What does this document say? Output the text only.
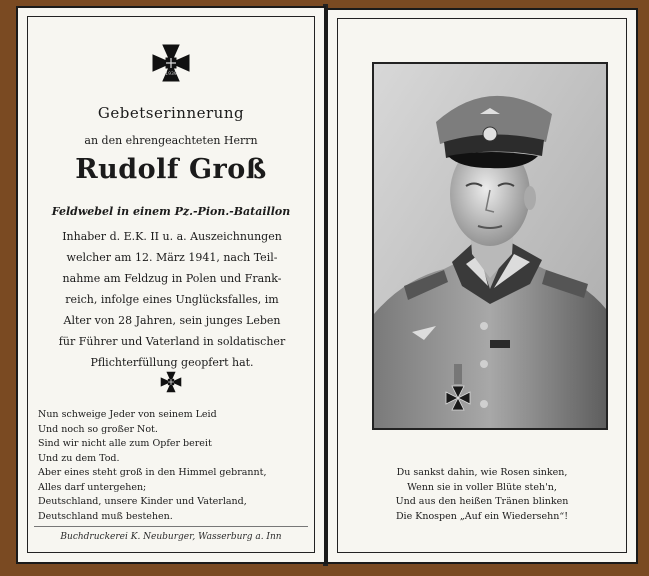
1939
Gebetserinnerung
an den ehrengeachteten Herrn
Rudolf Groß
Feldwebel in einem Pz.-Pion.-Bataillon
Inhaber d. E.K. II u. a. Auszeichnungen
welcher am 12. März 1941, nach Teil-
nahme am Feldzug in Polen und Frank-
reich, infolge eines Unglücksfalles, im
Alter von 28 Jahren, sein junges Leben
für Führer und Vaterland in soldatischer
Pflichterfüllung geopfert hat.
Nun schweige Jeder von seinem Leid
Und noch so großer Not.
Sind wir nicht alle zum Opfer bereit
Und zu dem Tod.
Aber eines steht groß in den Himmel gebrannt,
Alles darf untergehen;
Deutschland, unsere Kinder und Vaterland,
Deutschland muß bestehen.
Buchdruckerei K. Neuburger, Wasserburg a. Inn
Du sankst dahin, wie Rosen sinken,
Wenn sie in voller Blüte steh'n,
Und aus den heißen Tränen blinken
Die Knospen „Auf ein Wiedersehn“!
